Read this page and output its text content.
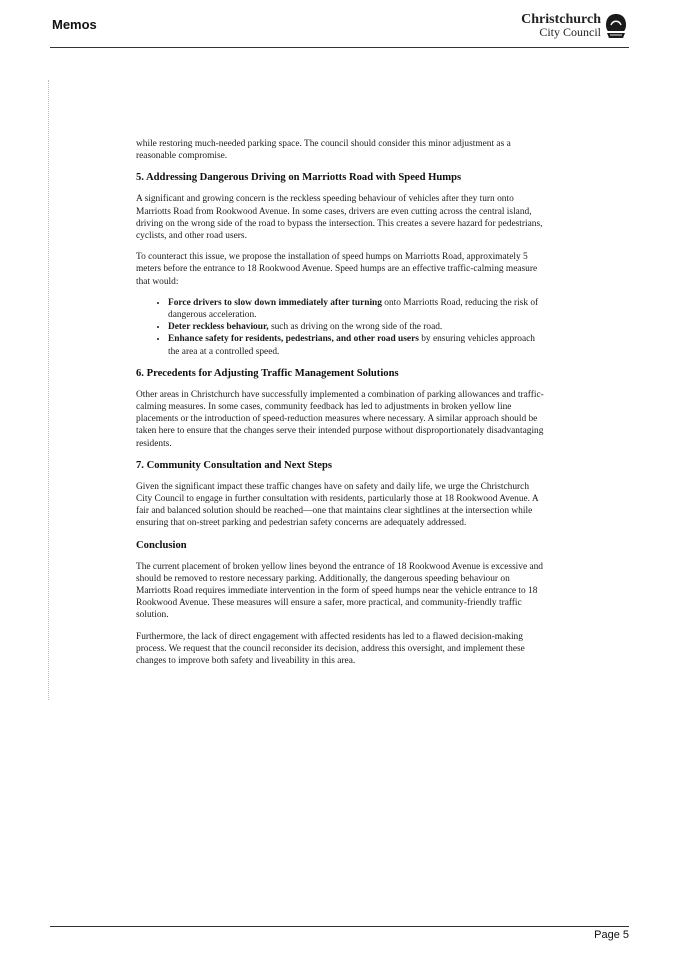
Memos	Christchurch
City Council

while restoring much-needed parking space. The council should consider this minor adjustment as a reasonable compromise.

5. Addressing Dangerous Driving on Marriotts Road with Speed Humps

A significant and growing concern is the reckless speeding behaviour of vehicles after they turn onto Marriotts Road from Rookwood Avenue. In some cases, drivers are even cutting across the central island, driving on the wrong side of the road to bypass the intersection. This creates a severe hazard for pedestrians, cyclists, and other road users.

To counteract this issue, we propose the installation of speed humps on Marriotts Road, approximately 5 meters before the entrance to 18 Rookwood Avenue. Speed humps are an effective traffic-calming measure that would:

• Force drivers to slow down immediately after turning onto Marriotts Road, reducing the risk of dangerous acceleration.
• Deter reckless behaviour, such as driving on the wrong side of the road.
• Enhance safety for residents, pedestrians, and other road users by ensuring vehicles approach the area at a controlled speed.
6. Precedents for Adjusting Traffic Management Solutions

Other areas in Christchurch have successfully implemented a combination of parking allowances and traffic-calming measures. In some cases, community feedback has led to adjustments in broken yellow line placements or the introduction of speed-reduction measures where necessary. A similar approach should be taken here to ensure that the changes serve their intended purpose without disproportionately disadvantaging residents.

7. Community Consultation and Next Steps

Given the significant impact these traffic changes have on safety and daily life, we urge the Christchurch City Council to engage in further consultation with residents, particularly those at 18 Rookwood Avenue. A fair and balanced solution should be reached—one that maintains clear sightlines at the intersection while ensuring that on-street parking and pedestrian safety concerns are adequately addressed.

Conclusion

The current placement of broken yellow lines beyond the entrance of 18 Rookwood Avenue is excessive and should be removed to restore necessary parking. Additionally, the dangerous speeding behaviour on Marriotts Road requires immediate intervention in the form of speed humps near the vehicle entrance to 18 Rookwood Avenue. These measures will ensure a safer, more practical, and community-friendly traffic solution.

Furthermore, the lack of direct engagement with affected residents has led to a flawed decision-making process. We request that the council reconsider its decision, address this oversight, and implement these changes to improve both safety and liveability in this area.

Page 5
